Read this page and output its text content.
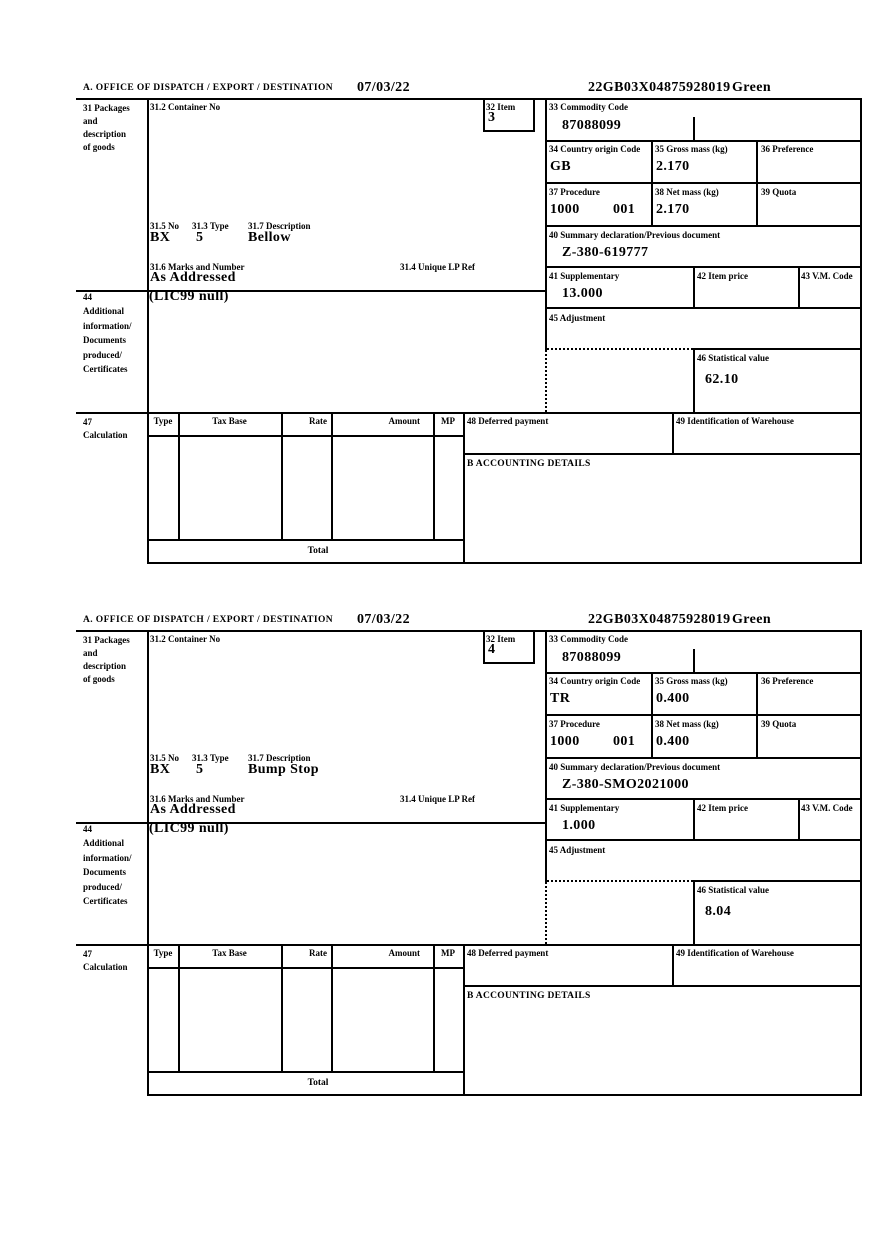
A. OFFICE OF DISPATCH / EXPORT / DESTINATION 07/03/22	22GB03X04875928019 Green
31 Packages
and
description
of goods
31.2 Container No	32 Item
3
31.5 No 31.3 Type 31.7 Description
BX 5	Bellow
31.6 Marks and Number	31.4 Unique LP Ref
As Addressed
33 Commodity Code
87088099
34 Country origin Code
GB
35 Gross mass (kg)
2.170
36 Preference
37 Procedure
1000 001
38 Net mass (kg)
2.170
39 Quota
40 Summary declaration/Previous document
Z-380-619777
41 Supplementary
13.000
42 Item price	43 V.M. Code
45 Adjustment
46 Statistical value
62.10
44
Additional
information/
Documents
produced/
Certificates
(LIC99 null)
47
Calculation
Type	Tax Base	Rate	Amount	MP
Total
48 Deferred payment	49 Identification of Warehouse
B ACCOUNTING DETAILS
A. OFFICE OF DISPATCH / EXPORT / DESTINATION 07/03/22	22GB03X04875928019 Green
31 Packages
and
description
of goods
31.2 Container No	32 Item
4
31.5 No 31.3 Type 31.7 Description
BX 5	Bump Stop
31.6 Marks and Number	31.4 Unique LP Ref
As Addressed
33 Commodity Code
87088099
34 Country origin Code
TR
35 Gross mass (kg)
0.400
36 Preference
37 Procedure
1000 001
38 Net mass (kg)
0.400
39 Quota
40 Summary declaration/Previous document
Z-380-SMO2021000
41 Supplementary
1.000
42 Item price	43 V.M. Code
45 Adjustment
46 Statistical value
8.04
44
Additional
information/
Documents
produced/
Certificates
(LIC99 null)
47
Calculation
Type	Tax Base	Rate	Amount	MP
Total
48 Deferred payment	49 Identification of Warehouse
B ACCOUNTING DETAILS
